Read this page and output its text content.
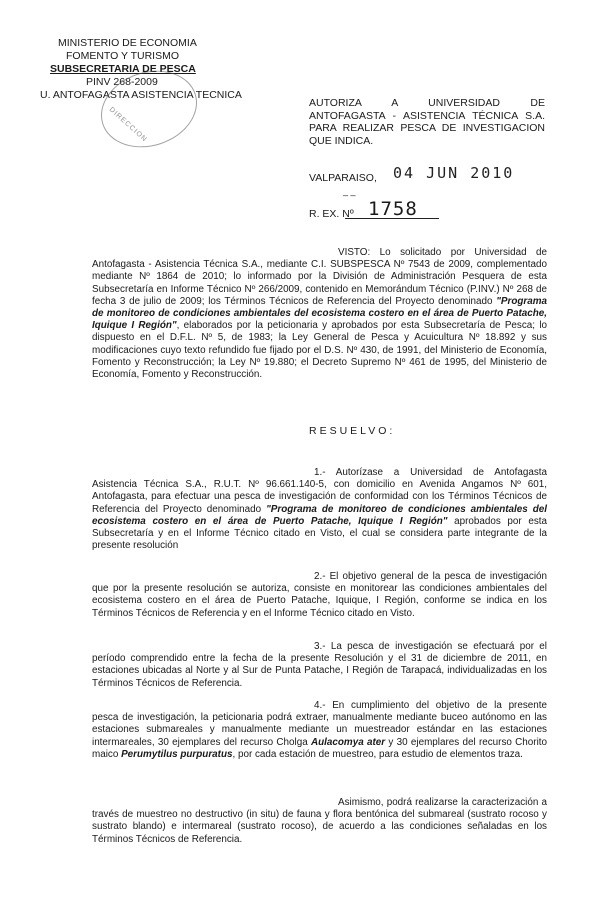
MINISTERIO DE ECONOMIA
FOMENTO Y TURISMO
SUBSECRETARIA DE PESCA
PINV 268-2009
U. ANTOFAGASTA ASISTENCIA TECNICA
DIRECCION
AUTORIZA A UNIVERSIDAD DE
ANTOFAGASTA - ASISTENCIA TÉCNICA S.A.
PARA REALIZAR PESCA DE INVESTIGACION
QUE INDICA.
VALPARAISO, 04 JUN 2010
_ _
R. EX. Nº 1758
VISTO: Lo solicitado por Universidad de Antofagasta - Asistencia Técnica S.A., mediante C.I. SUBSPESCA Nº 7543 de 2009, complementado mediante Nº 1864 de 2010; lo informado por la División de Administración Pesquera de esta Subsecretaría en Informe Técnico Nº 266/2009, contenido en Memorándum Técnico (P.INV.) Nº 268 de fecha 3 de julio de 2009; los Términos Técnicos de Referencia del Proyecto denominado "Programa de monitoreo de condiciones ambientales del ecosistema costero en el área de Puerto Patache, Iquique I Región", elaborados por la peticionaria y aprobados por esta Subsecretaría de Pesca; lo dispuesto en el D.F.L. Nº 5, de 1983; la Ley General de Pesca y Acuicultura Nº 18.892 y sus modificaciones cuyo texto refundido fue fijado por el D.S. Nº 430, de 1991, del Ministerio de Economía, Fomento y Reconstrucción; la Ley Nº 19.880; el Decreto Supremo Nº 461 de 1995, del Ministerio de Economía, Fomento y Reconstrucción.
RESUELVO:
1.- Autorízase a Universidad de Antofagasta Asistencia Técnica S.A., R.U.T. Nº 96.661.140-5, con domicilio en Avenida Angamos Nº 601, Antofagasta, para efectuar una pesca de investigación de conformidad con los Términos Técnicos de Referencia del Proyecto denominado "Programa de monitoreo de condiciones ambientales del ecosistema costero en el área de Puerto Patache, Iquique I Región" aprobados por esta Subsecretaría y en el Informe Técnico citado en Visto, el cual se considera parte integrante de la presente resolución
2.- El objetivo general de la pesca de investigación que por la presente resolución se autoriza, consiste en monitorear las condiciones ambientales del ecosistema costero en el área de Puerto Patache, Iquique, I Región, conforme se indica en los Términos Técnicos de Referencia y en el Informe Técnico citado en Visto.
3.- La pesca de investigación se efectuará por el período comprendido entre la fecha de la presente Resolución y el 31 de diciembre de 2011, en estaciones ubicadas al Norte y al Sur de Punta Patache, I Región de Tarapacá, individualizadas en los Términos Técnicos de Referencia.
4.- En cumplimiento del objetivo de la presente pesca de investigación, la peticionaria podrá extraer, manualmente mediante buceo autónomo en las estaciones submareales y manualmente mediante un muestreador estándar en las estaciones intermareales, 30 ejemplares del recurso Cholga Aulacomya ater y 30 ejemplares del recurso Chorito maico Perumytilus purpuratus, por cada estación de muestreo, para estudio de elementos traza.
Asimismo, podrá realizarse la caracterización a través de muestreo no destructivo (in situ) de fauna y flora bentónica del submareal (sustrato rocoso y sustrato blando) e intermareal (sustrato rocoso), de acuerdo a las condiciones señaladas en los Términos Técnicos de Referencia.
